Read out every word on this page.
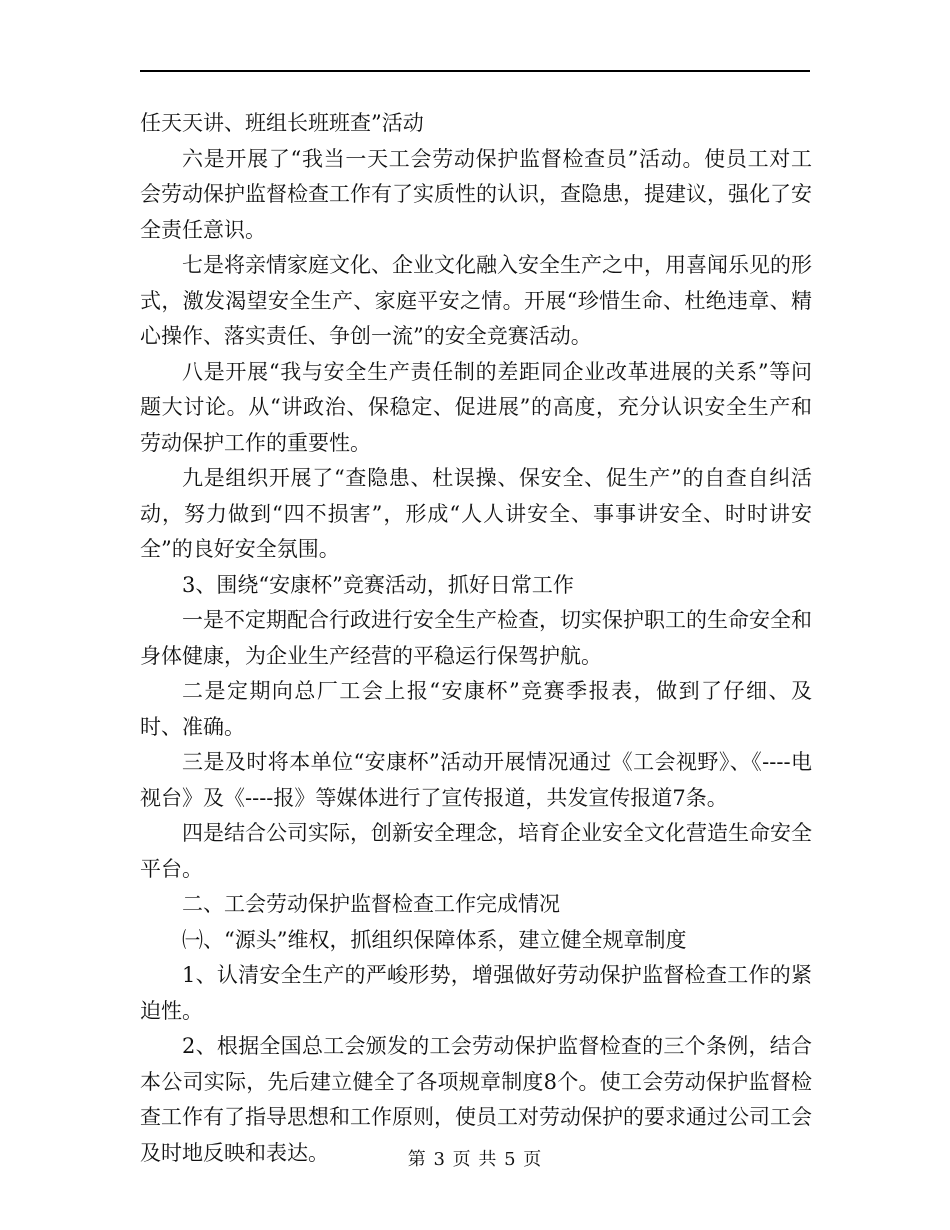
任天天讲、班组长班班查”活动

六是开展了“我当一天工会劳动保护监督检查员”活动。使员工对工会劳动保护监督检查工作有了实质性的认识，查隐患，提建议，强化了安全责任意识。

七是将亲情家庭文化、企业文化融入安全生产之中，用喜闻乐见的形式，激发渴望安全生产、家庭平安之情。开展“珍惜生命、杜绝违章、精心操作、落实责任、争创一流”的安全竞赛活动。

八是开展“我与安全生产责任制的差距同企业改革进展的关系”等问题大讨论。从“讲政治、保稳定、促进展”的高度，充分认识安全生产和劳动保护工作的重要性。

九是组织开展了“查隐患、杜误操、保安全、促生产”的自查自纠活动，努力做到“四不损害”，形成“人人讲安全、事事讲安全、时时讲安全”的良好安全氛围。

3、围绕“安康杯”竞赛活动，抓好日常工作

一是不定期配合行政进行安全生产检查，切实保护职工的生命安全和身体健康，为企业生产经营的平稳运行保驾护航。

二是定期向总厂工会上报“安康杯”竞赛季报表，做到了仔细、及时、准确。

三是及时将本单位“安康杯”活动开展情况通过《工会视野》、《----电视台》及《----报》等媒体进行了宣传报道，共发宣传报道7条。

四是结合公司实际，创新安全理念，培育企业安全文化营造生命安全平台。

二、工会劳动保护监督检查工作完成情况

㈠、“源头”维权，抓组织保障体系，建立健全规章制度

1、认清安全生产的严峻形势，增强做好劳动保护监督检查工作的紧迫性。

2、根据全国总工会颁发的工会劳动保护监督检查的三个条例，结合本公司实际，先后建立健全了各项规章制度8个。使工会劳动保护监督检查工作有了指导思想和工作原则，使员工对劳动保护的要求通过公司工会及时地反映和表达。	第 3 页 共 5 页
